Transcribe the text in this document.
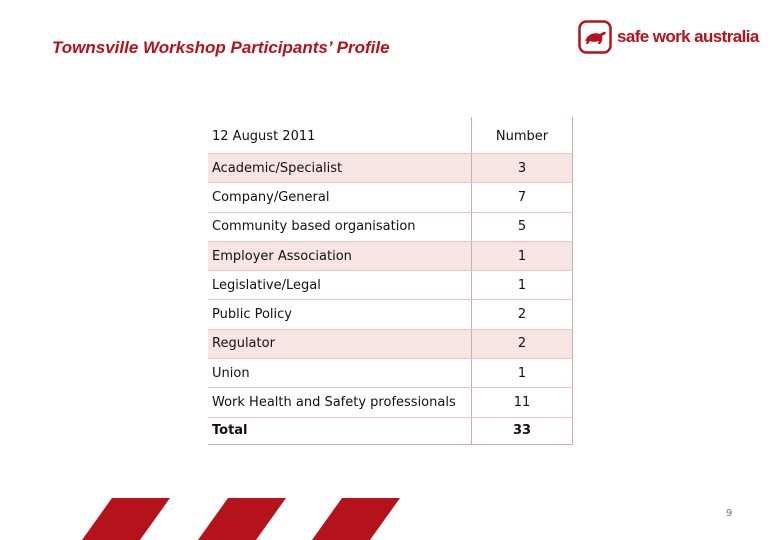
Townsville Workshop Participants’ Profile
safe work australia
12 August 2011	Number
Academic/Specialist	3
Company/General	7
Community based organisation	5
Employer Association	1
Legislative/Legal	1
Public Policy	2
Regulator	2
Union	1
Work Health and Safety professionals	11
Total	33
9
